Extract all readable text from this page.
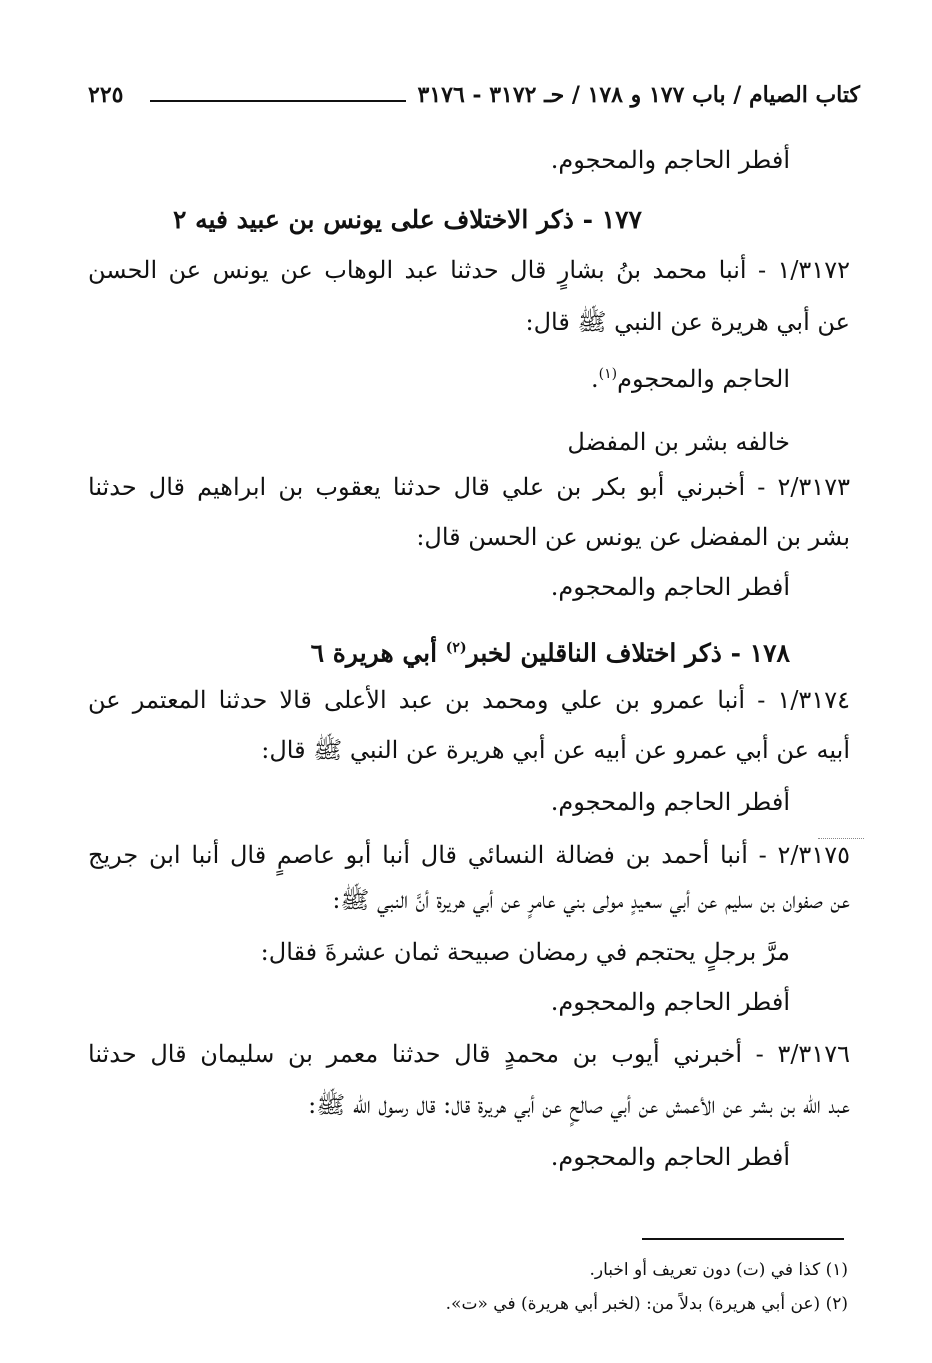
كتاب الصيام / باب ١٧٧ و ١٧٨ / حـ ٣١٧٢ - ٣١٧٦
٢٢٥
أفطر الحاجم والمحجوم.
١٧٧ - ذكر الاختلاف على يونس بن عبيد فيه ٢
١/٣١٧٢ - أنبا محمد بنُ بشارٍ قال حدثنا عبد الوهاب عن يونس عن الحسن
عن أبي هريرة عن النبي ﷺ قال:
الحاجم والمحجوم$^{(١)}$.
خالفه بشر بن المفضل
٢/٣١٧٣ - أخبرني أبو بكر بن علي قال حدثنا يعقوب بن ابراهيم قال حدثنا
بشر بن المفضل عن يونس عن الحسن قال:
أفطر الحاجم والمحجوم.
١٧٨ - ذكر اختلاف الناقلين لخبر$^{(٢)}$ أبي هريرة ٦
١/٣١٧٤ - أنبا عمرو بن علي ومحمد بن عبد الأعلى قالا حدثنا المعتمر عن
أبيه عن أبي عمرو عن أبيه عن أبي هريرة عن النبي ﷺ قال:
أفطر الحاجم والمحجوم.
٢/٣١٧٥ - أنبا أحمد بن فضالة النسائي قال أنبا أبو عاصمٍ قال أنبا ابن جريج
عن صفوان بن سليم عن أبي سعيدٍ مولى بني عامرٍ عن أبي هريرة أنَّ النبي ﷺ:
مرَّ برجلٍ يحتجم في رمضان صبيحة ثمان عشرةَ فقال:
أفطر الحاجم والمحجوم.
٣/٣١٧٦ - أخبرني أيوب بن محمدٍ قال حدثنا معمر بن سليمان قال حدثنا
عبد الله بن بشر عن الأعمش عن أبي صالحٍ عن أبي هريرة قال: قال رسول الله ﷺ:
أفطر الحاجم والمحجوم.
(١) كذا في (ت) دون تعريف أو اخبار.
(٢) (عن أبي هريرة) بدلاً من: (لخبر أبي هريرة) في «ت».
